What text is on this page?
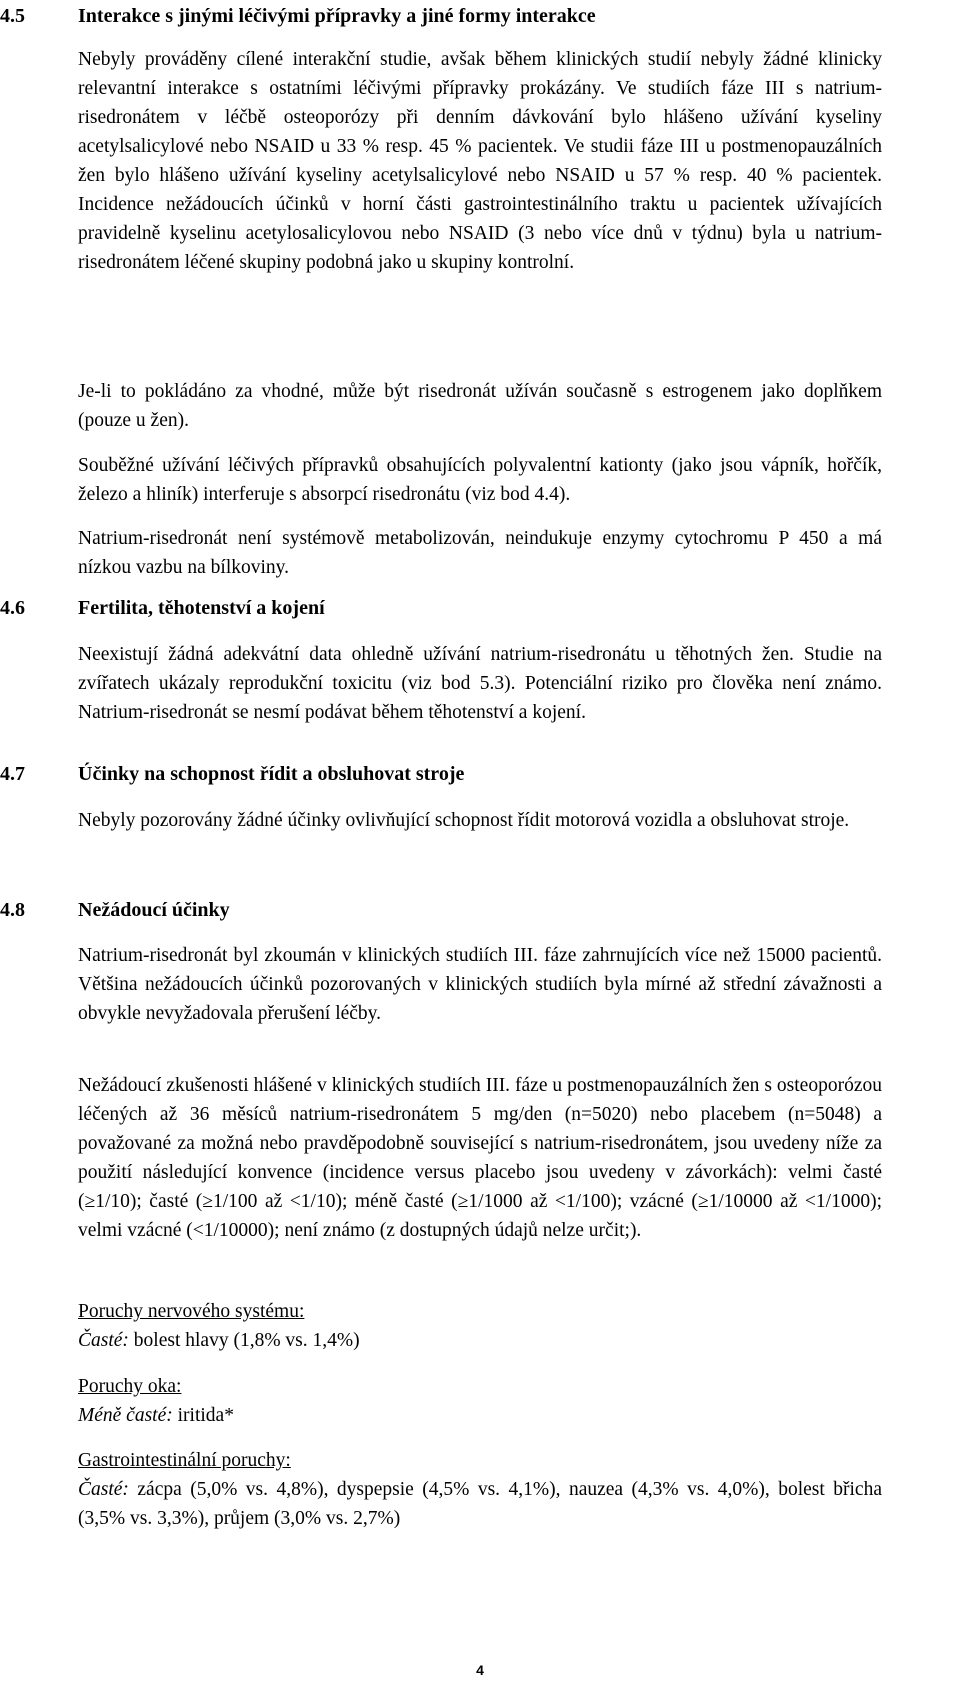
4.5	Interakce s jinými léčivými přípravky a jiné formy interakce

Nebyly prováděny cílené interakční studie, avšak během klinických studií nebyly žádné klinicky relevantní interakce s ostatními léčivými přípravky prokázány. Ve studiích fáze III s natrium-risedronátem v léčbě osteoporózy při denním dávkování bylo hlášeno užívání kyseliny acetylsalicylové nebo NSAID u 33 % resp. 45 % pacientek. Ve studii fáze III u postmenopauzálních žen bylo hlášeno užívání kyseliny acetylsalicylové nebo NSAID u 57 % resp. 40 % pacientek. Incidence nežádoucích účinků v horní části gastrointestinálního traktu u pacientek užívajících pravidelně kyselinu acetylosalicylovou nebo NSAID (3 nebo více dnů v týdnu) byla u natrium-risedronátem léčené skupiny podobná jako u skupiny kontrolní.

Je-li to pokládáno za vhodné, může být risedronát užíván současně s estrogenem jako doplňkem (pouze u žen).

Souběžné užívání léčivých přípravků obsahujících polyvalentní kationty (jako jsou vápník, hořčík, železo a hliník) interferuje s absorpcí risedronátu (viz bod 4.4).

Natrium-risedronát není systémově metabolizován, neindukuje enzymy cytochromu P 450 a má nízkou vazbu na bílkoviny.

4.6	Fertilita, těhotenství a kojení

Neexistují žádná adekvátní data ohledně užívání natrium-risedronátu u těhotných žen. Studie na zvířatech ukázaly reprodukční toxicitu (viz bod 5.3). Potenciální riziko pro člověka není známo. Natrium-risedronát se nesmí podávat během těhotenství a kojení.

4.7	Účinky na schopnost řídit a obsluhovat stroje

Nebyly pozorovány žádné účinky ovlivňující schopnost řídit motorová vozidla a obsluhovat stroje.

4.8	Nežádoucí účinky

Natrium-risedronát byl zkoumán v klinických studiích III. fáze zahrnujících více než 15000 pacientů. Většina nežádoucích účinků pozorovaných v klinických studiích byla mírné až střední závažnosti a obvykle nevyžadovala přerušení léčby.

Nežádoucí zkušenosti hlášené v klinických studiích III. fáze u postmenopauzálních žen s osteoporózou léčených až 36 měsíců natrium-risedronátem 5 mg/den (n=5020) nebo placebem (n=5048) a považované za možná nebo pravděpodobně související s natrium-risedronátem, jsou uvedeny níže za použití následující konvence (incidence versus placebo jsou uvedeny v závorkách): velmi časté (≥1/10); časté (≥1/100 až <1/10); méně časté (≥1/1000 až <1/100); vzácné (≥1/10000 až <1/1000); velmi vzácné (<1/10000); není známo (z dostupných údajů nelze určit;).

Poruchy nervového systému:
Časté: bolest hlavy (1,8% vs. 1,4%)
Poruchy oka:
Méně časté: iritida*
Gastrointestinální poruchy:
Časté: zácpa (5,0% vs. 4,8%), dyspepsie (4,5% vs. 4,1%), nauzea (4,3% vs. 4,0%), bolest břicha (3,5% vs. 3,3%), průjem (3,0% vs. 2,7%)
4
